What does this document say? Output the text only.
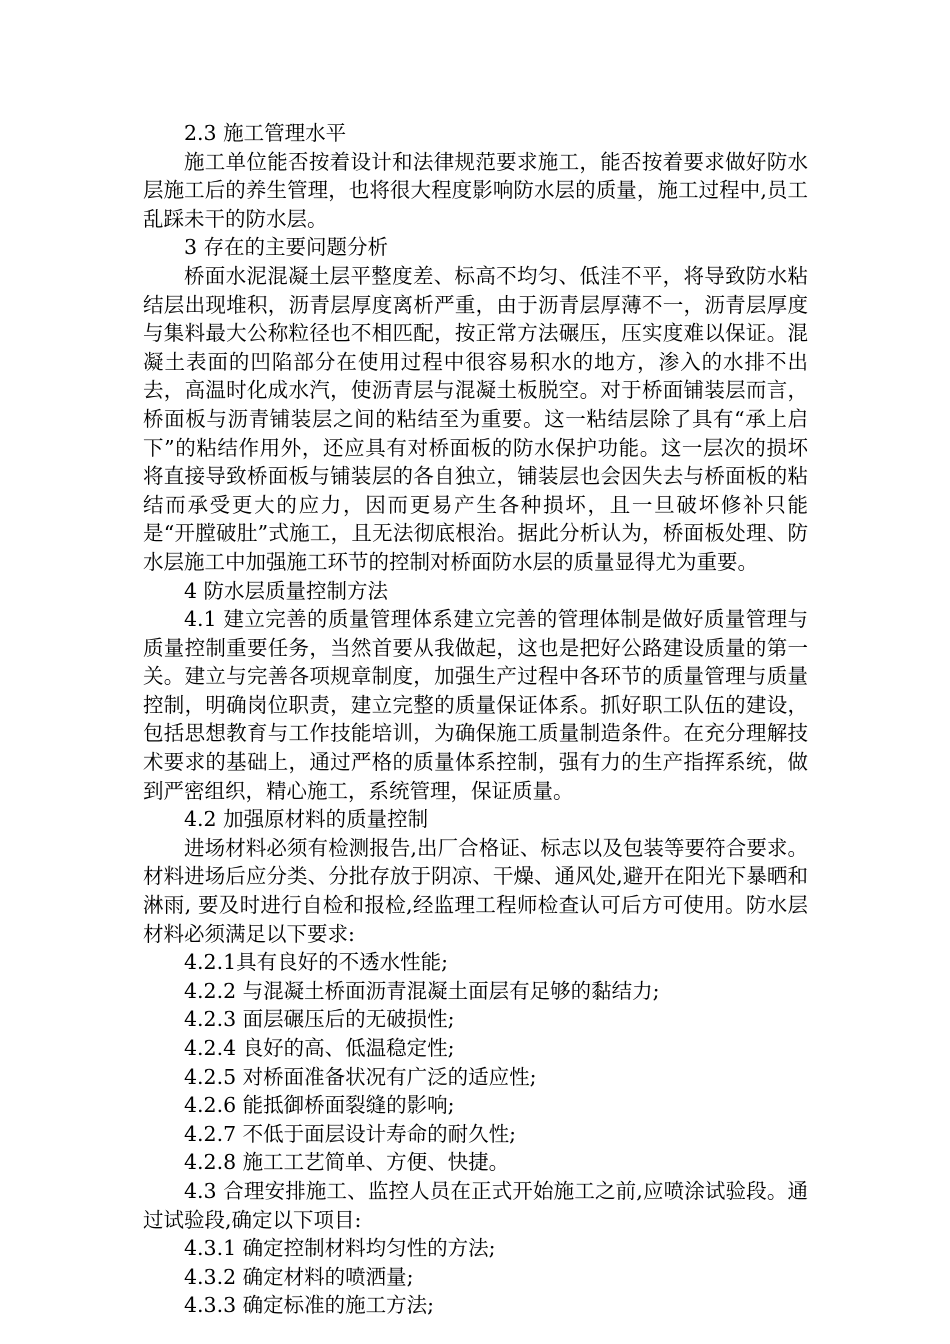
2.3 施工管理水平

施工单位能否按着设计和法律规范要求施工，能否按着要求做好防水层施工后的养生管理，也将很大程度影响防水层的质量，施工过程中,员工乱踩未干的防水层。

3 存在的主要问题分析

桥面水泥混凝土层平整度差、标高不均匀、低洼不平，将导致防水粘结层出现堆积，沥青层厚度离析严重，由于沥青层厚薄不一，沥青层厚度与集料最大公称粒径也不相匹配，按正常方法碾压，压实度难以保证。混凝土表面的凹陷部分在使用过程中很容易积水的地方，渗入的水排不出去，高温时化成水汽，使沥青层与混凝土板脱空。对于桥面铺装层而言，桥面板与沥青铺装层之间的粘结至为重要。这一粘结层除了具有“承上启下”的粘结作用外，还应具有对桥面板的防水保护功能。这一层次的损坏将直接导致桥面板与铺装层的各自独立，铺装层也会因失去与桥面板的粘结而承受更大的应力，因而更易产生各种损坏，且一旦破坏修补只能是“开膛破肚”式施工，且无法彻底根治。据此分析认为，桥面板处理、防水层施工中加强施工环节的控制对桥面防水层的质量显得尤为重要。

4 防水层质量控制方法

4.1 建立完善的质量管理体系建立完善的管理体制是做好质量管理与质量控制重要任务，当然首要从我做起，这也是把好公路建设质量的第一关。建立与完善各项规章制度，加强生产过程中各环节的质量管理与质量控制，明确岗位职责，建立完整的质量保证体系。抓好职工队伍的建设，包括思想教育与工作技能培训，为确保施工质量制造条件。在充分理解技术要求的基础上，通过严格的质量体系控制，强有力的生产指挥系统，做到严密组织，精心施工，系统管理，保证质量。

4.2 加强原材料的质量控制

进场材料必须有检测报告,出厂合格证、标志以及包装等要符合要求。材料进场后应分类、分批存放于阴凉、干燥、通风处,避开在阳光下暴晒和淋雨, 要及时进行自检和报检,经监理工程师检查认可后方可使用。防水层材料必须满足以下要求:

4.2.1具有良好的不透水性能;

4.2.2 与混凝土桥面沥青混凝土面层有足够的黏结力;

4.2.3 面层碾压后的无破损性;

4.2.4 良好的高、低温稳定性;

4.2.5 对桥面准备状况有广泛的适应性;

4.2.6 能抵御桥面裂缝的影响;

4.2.7 不低于面层设计寿命的耐久性;

4.2.8 施工工艺简单、方便、快捷。

4.3 合理安排施工、监控人员在正式开始施工之前,应喷涂试验段。通过试验段,确定以下项目:

4.3.1 确定控制材料均匀性的方法;

4.3.2 确定材料的喷洒量;

4.3.3 确定标准的施工方法;
